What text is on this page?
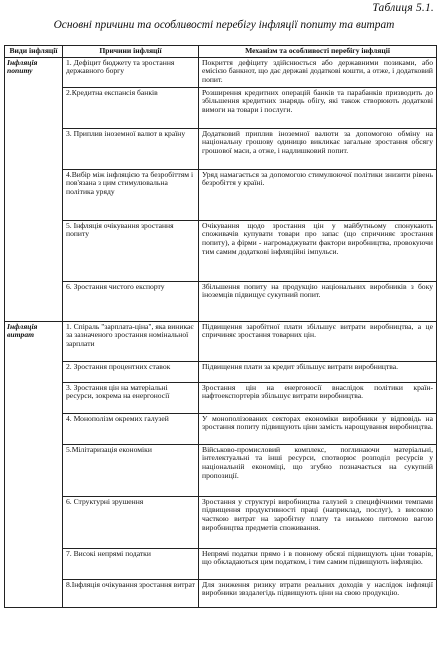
Таблиця 5.1.
Основні причини та особливості перебігу інфляції попиту та витрат
Види інфляції	Причини інфляції	Механізм та особливості перебігу інфляції
Інфляція попиту	1. Дефіцит бюджету та зростання державного боргу	Покриття дефіциту здійснюється або державними позиками, або емісією банкнот, що дає державі додаткові кошти, а отже, і додатковий попит.
	2.Кредитна експансія банків	Розширення кредитних операцій банків та парабанків призводить до збільшення кредитних знарядь обігу, які також створюють додаткові вимоги на товари і послуги.
	3. Приплив іноземної валют в країну	Додатковий приплив іноземної валюти за допомогою обміну на національну грошову одиницю викликає загальне зростання обсягу грошової маси, а отже, і надлишковий попит.
	4.Вибір між інфляцією та безробіттям і пов'язана з цим стимулювальна політика уряду	Уряд намагається за допомогою стимулюючої політики знизити рівень безробіття у країні.
	5. Інфляція очікування зростання попиту	Очікування щодо зростання цін у майбутньому спонукають споживачів купувати товари про запас (що спричиняє зростання попиту), а фірми - нагромаджувати фактори виробництва, провокуючи тим самим додаткові інфляційні імпульси.
	6. Зростання чистого експорту	Збільшення попиту на продукцію національних виробників з боку іноземців підвищує сукупний попит.
Інфляція витрат	1. Спіраль "зарплата-ціна", яка виникає за зазначеного зростання номінальної зарплати	Підвищення заробітної плати збільшує витрати виробництва, а це спричиняє зростання товарних цін.
	2. Зростання процентних ставок	Підвищення плати за кредит збільшує витрати виробництва.
	3. Зростання цін на матеріальні ресурси, зокрема на енергоносії	Зростання цін на енергоносії внаслідок політики країн-нафтоекспортерів збільшує витрати виробництва.
	4. Монополізм окремих галузей	У монополізованих секторах економіки виробники у відповідь на зростання попиту підвищують ціни замість нарощування виробництва.
	5.Мілітаризація економіки	Військово-промисловий комплекс, поглинаючи матеріальні, інтелектуальні та інші ресурси, спотворює розподіл ресурсів у національній економіці, що згубно позначається на сукупній пропозиції.
	6. Структурні зрушення	Зростання у структурі виробництва галузей з специфічними темпами підвищення продуктивності праці (наприклад, послуг), з високою часткою витрат на заробітну плату та низькою питомою вагою виробництва предметів споживання.
	7. Високі непрямі податки	Непрямі податки прямо і в повному обсязі підвищують ціни товарів, що обкладаються цим податком, і тим самим підвищують інфляцію.
	8.Інфляція очікування зростання витрат	Для зниження ризику втрати реальних доходів у наслідок інфляції виробники звздалегідь підвищують ціни на свою продукцію.
